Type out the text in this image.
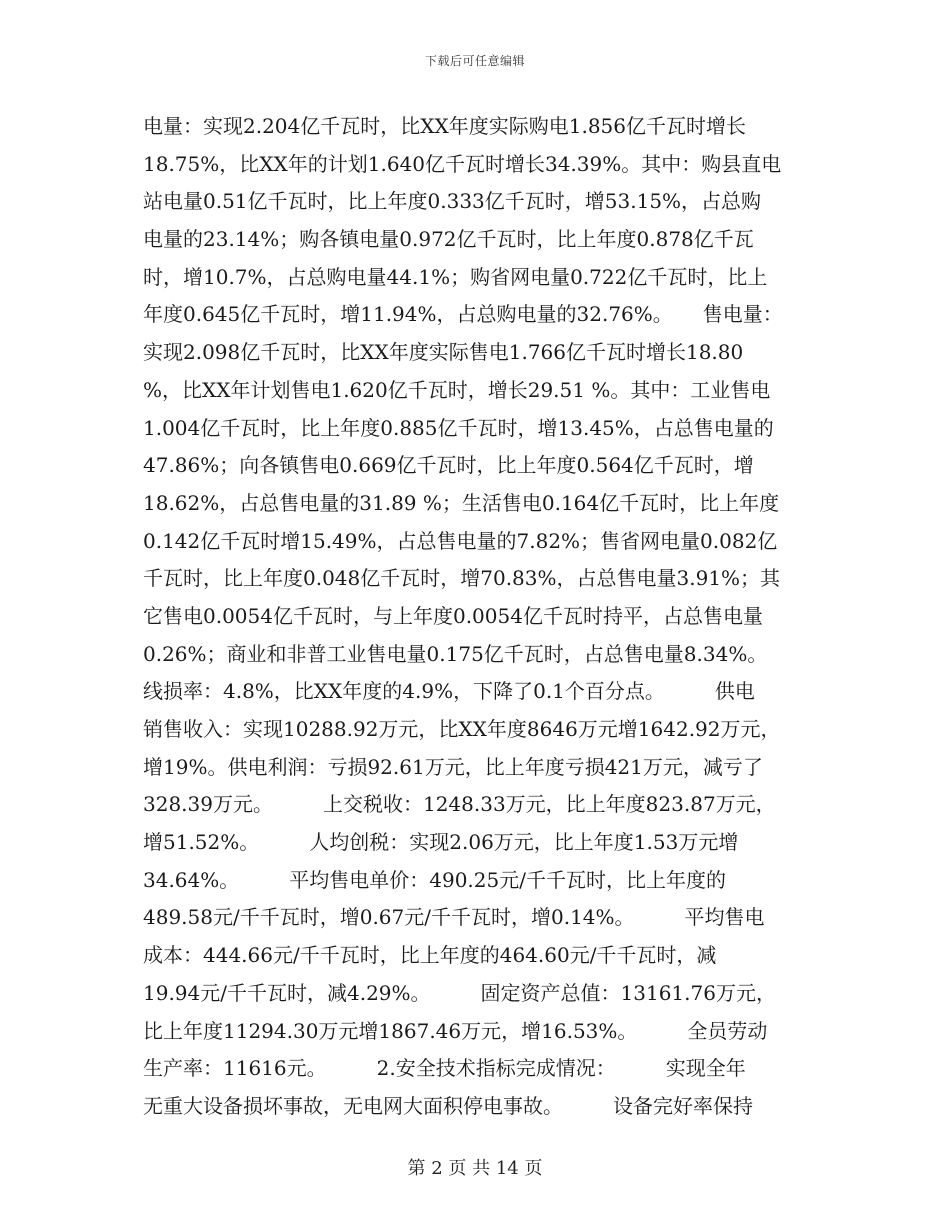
下载后可任意编辑
电量：实现2.204亿千瓦时，比XX年度实际购电1.856亿千瓦时增长
18.75%，比XX年的计划1.640亿千瓦时增长34.39%。其中：购县直电
站电量0.51亿千瓦时，比上年度0.333亿千瓦时，增53.15%，占总购
电量的23.14%；购各镇电量0.972亿千瓦时，比上年度0.878亿千瓦
时，增10.7%，占总购电量44.1%；购省网电量0.722亿千瓦时，比上
年度0.645亿千瓦时，增11.94%，占总购电量的32.76%。　　售电量：
实现2.098亿千瓦时，比XX年度实际售电1.766亿千瓦时增长18.80
%，比XX年计划售电1.620亿千瓦时，增长29.51 %。其中：工业售电
1.004亿千瓦时，比上年度0.885亿千瓦时，增13.45%，占总售电量的
47.86%；向各镇售电0.669亿千瓦时，比上年度0.564亿千瓦时，增
18.62%，占总售电量的31.89 %；生活售电0.164亿千瓦时，比上年度
0.142亿千瓦时增15.49%，占总售电量的7.82%；售省网电量0.082亿
千瓦时，比上年度0.048亿千瓦时，增70.83%，占总售电量3.91%；其
它售电0.0054亿千瓦时，与上年度0.0054亿千瓦时持平，占总售电量
0.26%；商业和非普工业售电量0.175亿千瓦时，占总售电量8.34%。
线损率：4.8%，比XX年度的4.9%，下降了0.1个百分点。　　　供电
销售收入：实现10288.92万元，比XX年度8646万元增1642.92万元，
增19%。供电利润：亏损92.61万元，比上年度亏损421万元，减亏了
328.39万元。　　　上交税收：1248.33万元，比上年度823.87万元，
增51.52%。　　　人均创税：实现2.06万元，比上年度1.53万元增
34.64%。　　　平均售电单价：490.25元/千千瓦时，比上年度的
489.58元/千千瓦时，增0.67元/千千瓦时，增0.14%。　　　平均售电
成本：444.66元/千千瓦时，比上年度的464.60元/千千瓦时，减
19.94元/千千瓦时，减4.29%。　　　固定资产总值：13161.76万元，
比上年度11294.30万元增1867.46万元，增16.53%。　　　全员劳动
生产率：11616元。　　　2.安全技术指标完成情况：　　　实现全年
无重大设备损坏事故，无电网大面积停电事故。　　　设备完好率保持
第 2 页 共 14 页
